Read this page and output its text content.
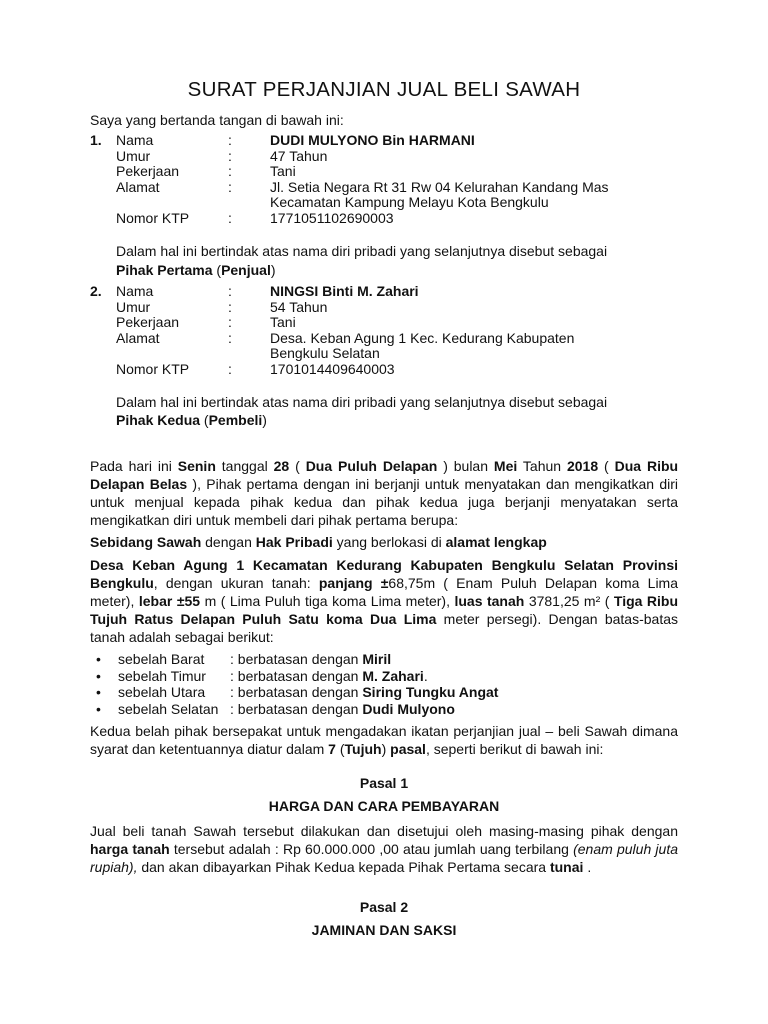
SURAT PERJANJIAN JUAL BELI SAWAH
Saya yang bertanda tangan di bawah ini:
1.	Nama	:	DUDI MULYONO Bin HARMANI
	Umur	:	47 Tahun
	Pekerjaan	:	Tani
	Alamat	:	Jl. Setia Negara Rt 31 Rw 04 Kelurahan Kandang Mas
Kecamatan Kampung Melayu Kota Bengkulu
	Nomor KTP	:	1771051102690003
Dalam hal ini bertindak atas nama diri pribadi yang selanjutnya disebut sebagai
Pihak Pertama (Penjual)
2.	Nama	:	NINGSI Binti M. Zahari
	Umur	:	54 Tahun
	Pekerjaan	:	Tani
	Alamat	:	Desa. Keban Agung 1 Kec. Kedurang Kabupaten
Bengkulu Selatan
	Nomor KTP	:	1701014409640003
Dalam hal ini bertindak atas nama diri pribadi yang selanjutnya disebut sebagai
Pihak Kedua (Pembeli)

Pada hari ini Senin tanggal 28 ( Dua Puluh Delapan ) bulan Mei Tahun 2018 ( Dua Ribu Delapan Belas ), Pihak pertama dengan ini berjanji untuk menyatakan dan mengikatkan diri untuk menjual kepada pihak kedua dan pihak kedua juga berjanji menyatakan serta mengikatkan diri untuk membeli dari pihak pertama berupa:

Sebidang Sawah dengan Hak Pribadi yang berlokasi di alamat lengkap

Desa Keban Agung 1 Kecamatan Kedurang Kabupaten Bengkulu Selatan Provinsi Bengkulu, dengan ukuran tanah: panjang ±68,75m ( Enam Puluh Delapan koma Lima meter), lebar ±55 m ( Lima Puluh tiga koma Lima meter), luas tanah 3781,25 m² ( Tiga Ribu Tujuh Ratus Delapan Puluh Satu koma Dua Lima meter persegi). Dengan batas-batas tanah adalah sebagai berikut:

• sebelah Barat : berbatasan dengan Miril
• sebelah Timur : berbatasan dengan M. Zahari.
• sebelah Utara : berbatasan dengan Siring Tungku Angat
• sebelah Selatan : berbatasan dengan Dudi Mulyono

Kedua belah pihak bersepakat untuk mengadakan ikatan perjanjian jual – beli Sawah dimana syarat dan ketentuannya diatur dalam 7 (Tujuh) pasal, seperti berikut di bawah ini:

Pasal 1
HARGA DAN CARA PEMBAYARAN

Jual beli tanah Sawah tersebut dilakukan dan disetujui oleh masing-masing pihak dengan harga tanah tersebut adalah : Rp 60.000.000 ,00 atau jumlah uang terbilang (enam puluh juta rupiah), dan akan dibayarkan Pihak Kedua kepada Pihak Pertama secara tunai .

Pasal 2
JAMINAN DAN SAKSI
